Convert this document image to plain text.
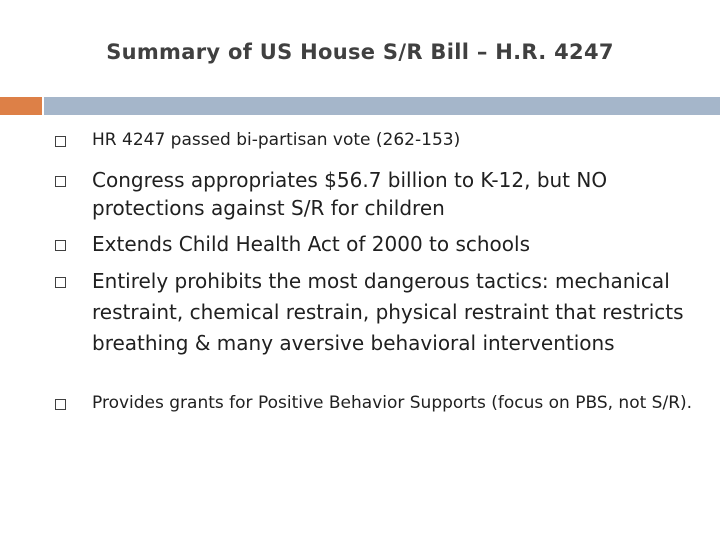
Summary of US House S/R Bill – H.R. 4247
HR 4247 passed bi-partisan vote (262-153)
Congress appropriates $56.7 billion to K-12, but NO protections against S/R for children
Extends Child Health Act of 2000 to schools
Entirely prohibits the most dangerous tactics: mechanical restraint, chemical restrain, physical restraint that restricts breathing & many aversive behavioral interventions
Provides grants for Positive Behavior Supports (focus on PBS, not S/R).
